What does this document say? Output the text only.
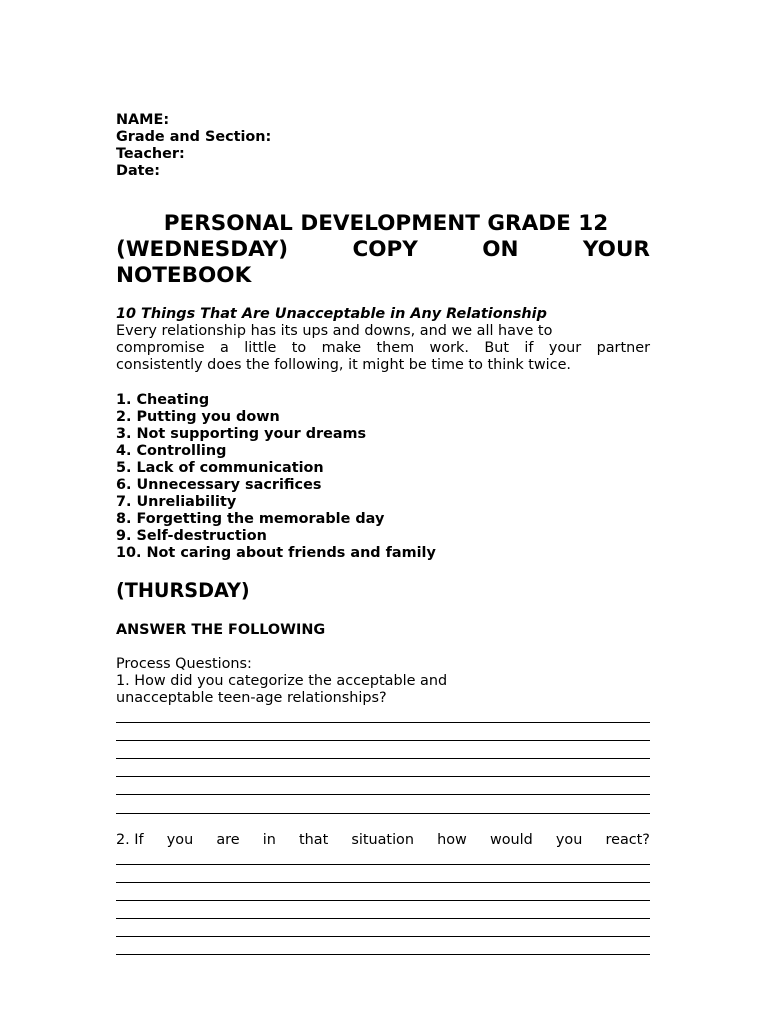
NAME:

Grade and Section:

Teacher:

Date:

PERSONAL DEVELOPMENT GRADE 12
(WEDNESDAY)	COPY	ON	YOUR
NOTEBOOK

10 Things That Are Unacceptable in Any Relationship

Every relationship has its ups and downs, and we all have to

compromise a little to make them work. But if your partner

consistently does the following, it might be time to think twice.

1. Cheating

2. Putting you down

3. Not supporting your dreams

4. Controlling

5. Lack of communication

6. Unnecessary sacrifices

7. Unreliability

8. Forgetting the memorable day

9. Self-destruction

10. Not caring about friends and family

(THURSDAY)

ANSWER THE FOLLOWING

Process Questions:

1. How did you categorize the acceptable and

unacceptable teen-age relationships?

2. If you are in that situation how would you react?
